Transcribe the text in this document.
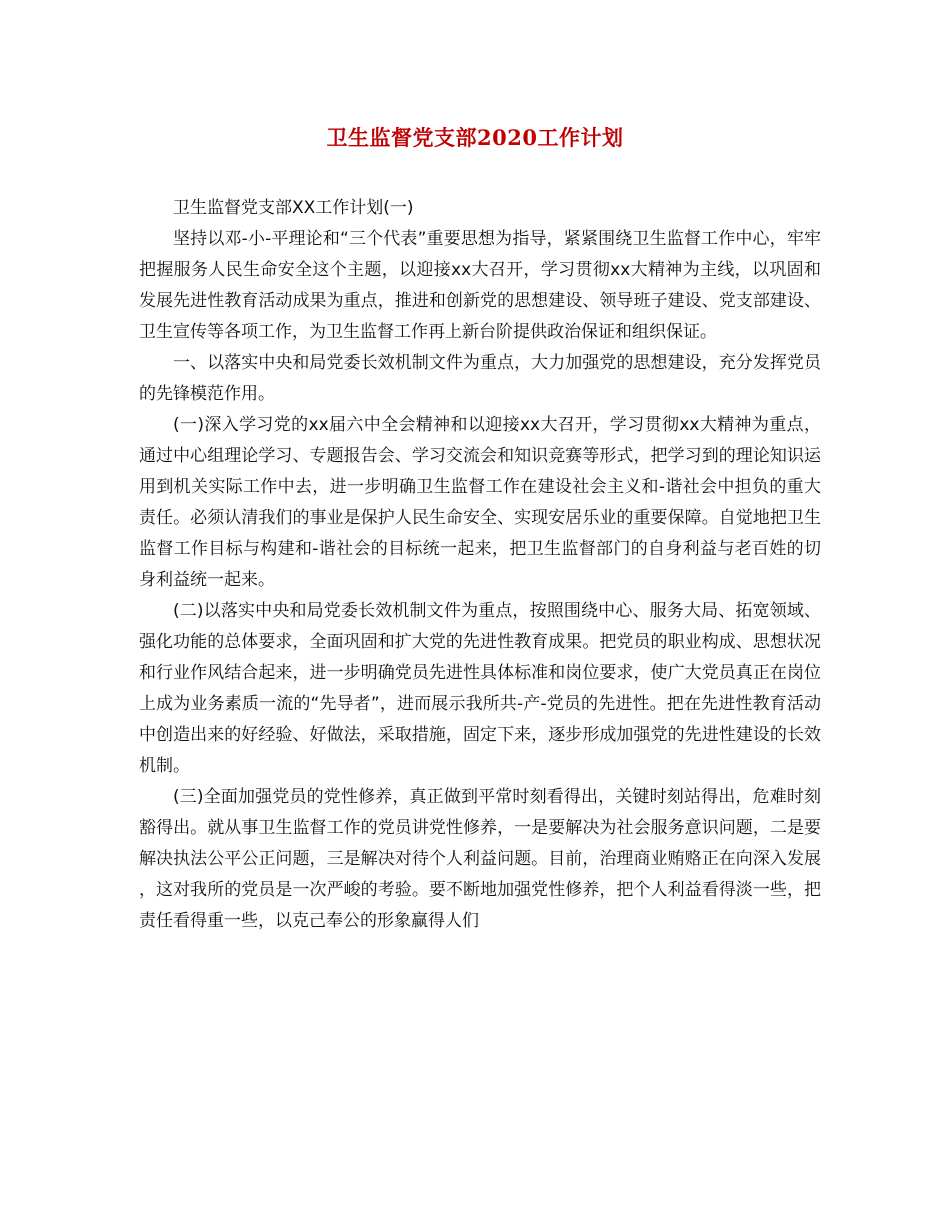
卫生监督党支部2020工作计划

卫生监督党支部XX工作计划(一)

坚持以邓-小-平理论和“三个代表”重要思想为指导，紧紧围绕卫生监督工作中心，牢牢把握服务人民生命安全这个主题，以迎接xx大召开，学习贯彻xx大精神为主线，以巩固和发展先进性教育活动成果为重点，推进和创新党的思想建设、领导班子建设、党支部建设、卫生宣传等各项工作，为卫生监督工作再上新台阶提供政治保证和组织保证。

一、以落实中央和局党委长效机制文件为重点，大力加强党的思想建设，充分发挥党员的先锋模范作用。

(一)深入学习党的xx届六中全会精神和以迎接xx大召开，学习贯彻xx大精神为重点，通过中心组理论学习、专题报告会、学习交流会和知识竞赛等形式，把学习到的理论知识运用到机关实际工作中去，进一步明确卫生监督工作在建设社会主义和-谐社会中担负的重大责任。必须认清我们的事业是保护人民生命安全、实现安居乐业的重要保障。自觉地把卫生监督工作目标与构建和-谐社会的目标统一起来，把卫生监督部门的自身利益与老百姓的切身利益统一起来。

(二)以落实中央和局党委长效机制文件为重点，按照围绕中心、服务大局、拓宽领域、强化功能的总体要求，全面巩固和扩大党的先进性教育成果。把党员的职业构成、思想状况和行业作风结合起来，进一步明确党员先进性具体标准和岗位要求，使广大党员真正在岗位上成为业务素质一流的“先导者”，进而展示我所共-产-党员的先进性。把在先进性教育活动中创造出来的好经验、好做法，采取措施，固定下来，逐步形成加强党的先进性建设的长效机制。

(三)全面加强党员的党性修养，真正做到平常时刻看得出，关键时刻站得出，危难时刻豁得出。就从事卫生监督工作的党员讲党性修养，一是要解决为社会服务意识问题，二是要解决执法公平公正问题，三是解决对待个人利益问题。目前，治理商业贿赂正在向深入发展，这对我所的党员是一次严峻的考验。要不断地加强党性修养，把个人利益看得淡一些，把责任看得重一些，以克己奉公的形象赢得人们
